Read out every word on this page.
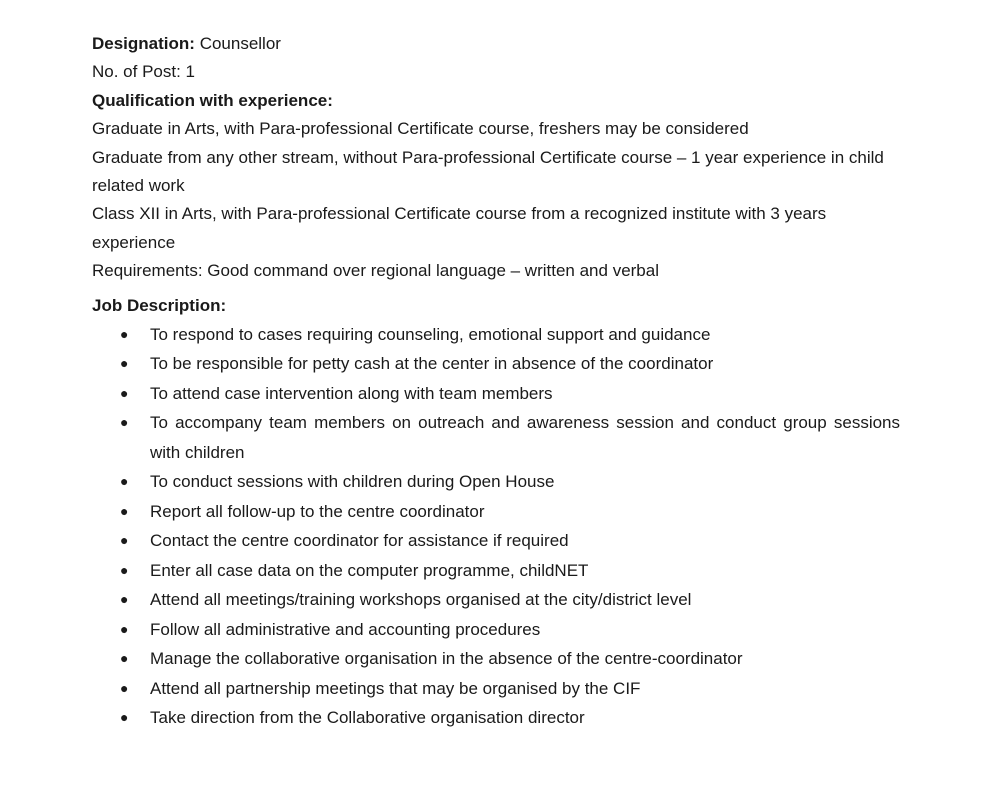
Designation: Counsellor
No. of Post: 1
Qualification with experience:
Graduate in Arts, with Para-professional Certificate course, freshers may be considered
Graduate from any other stream, without Para-professional Certificate course – 1 year experience in child related work
Class XII in Arts, with Para-professional Certificate course from a recognized institute with 3 years experience
Requirements: Good command over regional language – written and verbal
Job Description:
● To respond to cases requiring counseling, emotional support and guidance
● To be responsible for petty cash at the center in absence of the coordinator
● To attend case intervention along with team members
● To accompany team members on outreach and awareness session and conduct group sessions with children
● To conduct sessions with children during Open House
● Report all follow-up to the centre coordinator
● Contact the centre coordinator for assistance if required
● Enter all case data on the computer programme, childNET
● Attend all meetings/training workshops organised at the city/district level
● Follow all administrative and accounting procedures
● Manage the collaborative organisation in the absence of the centre-coordinator
● Attend all partnership meetings that may be organised by the CIF
● Take direction from the Collaborative organisation director
